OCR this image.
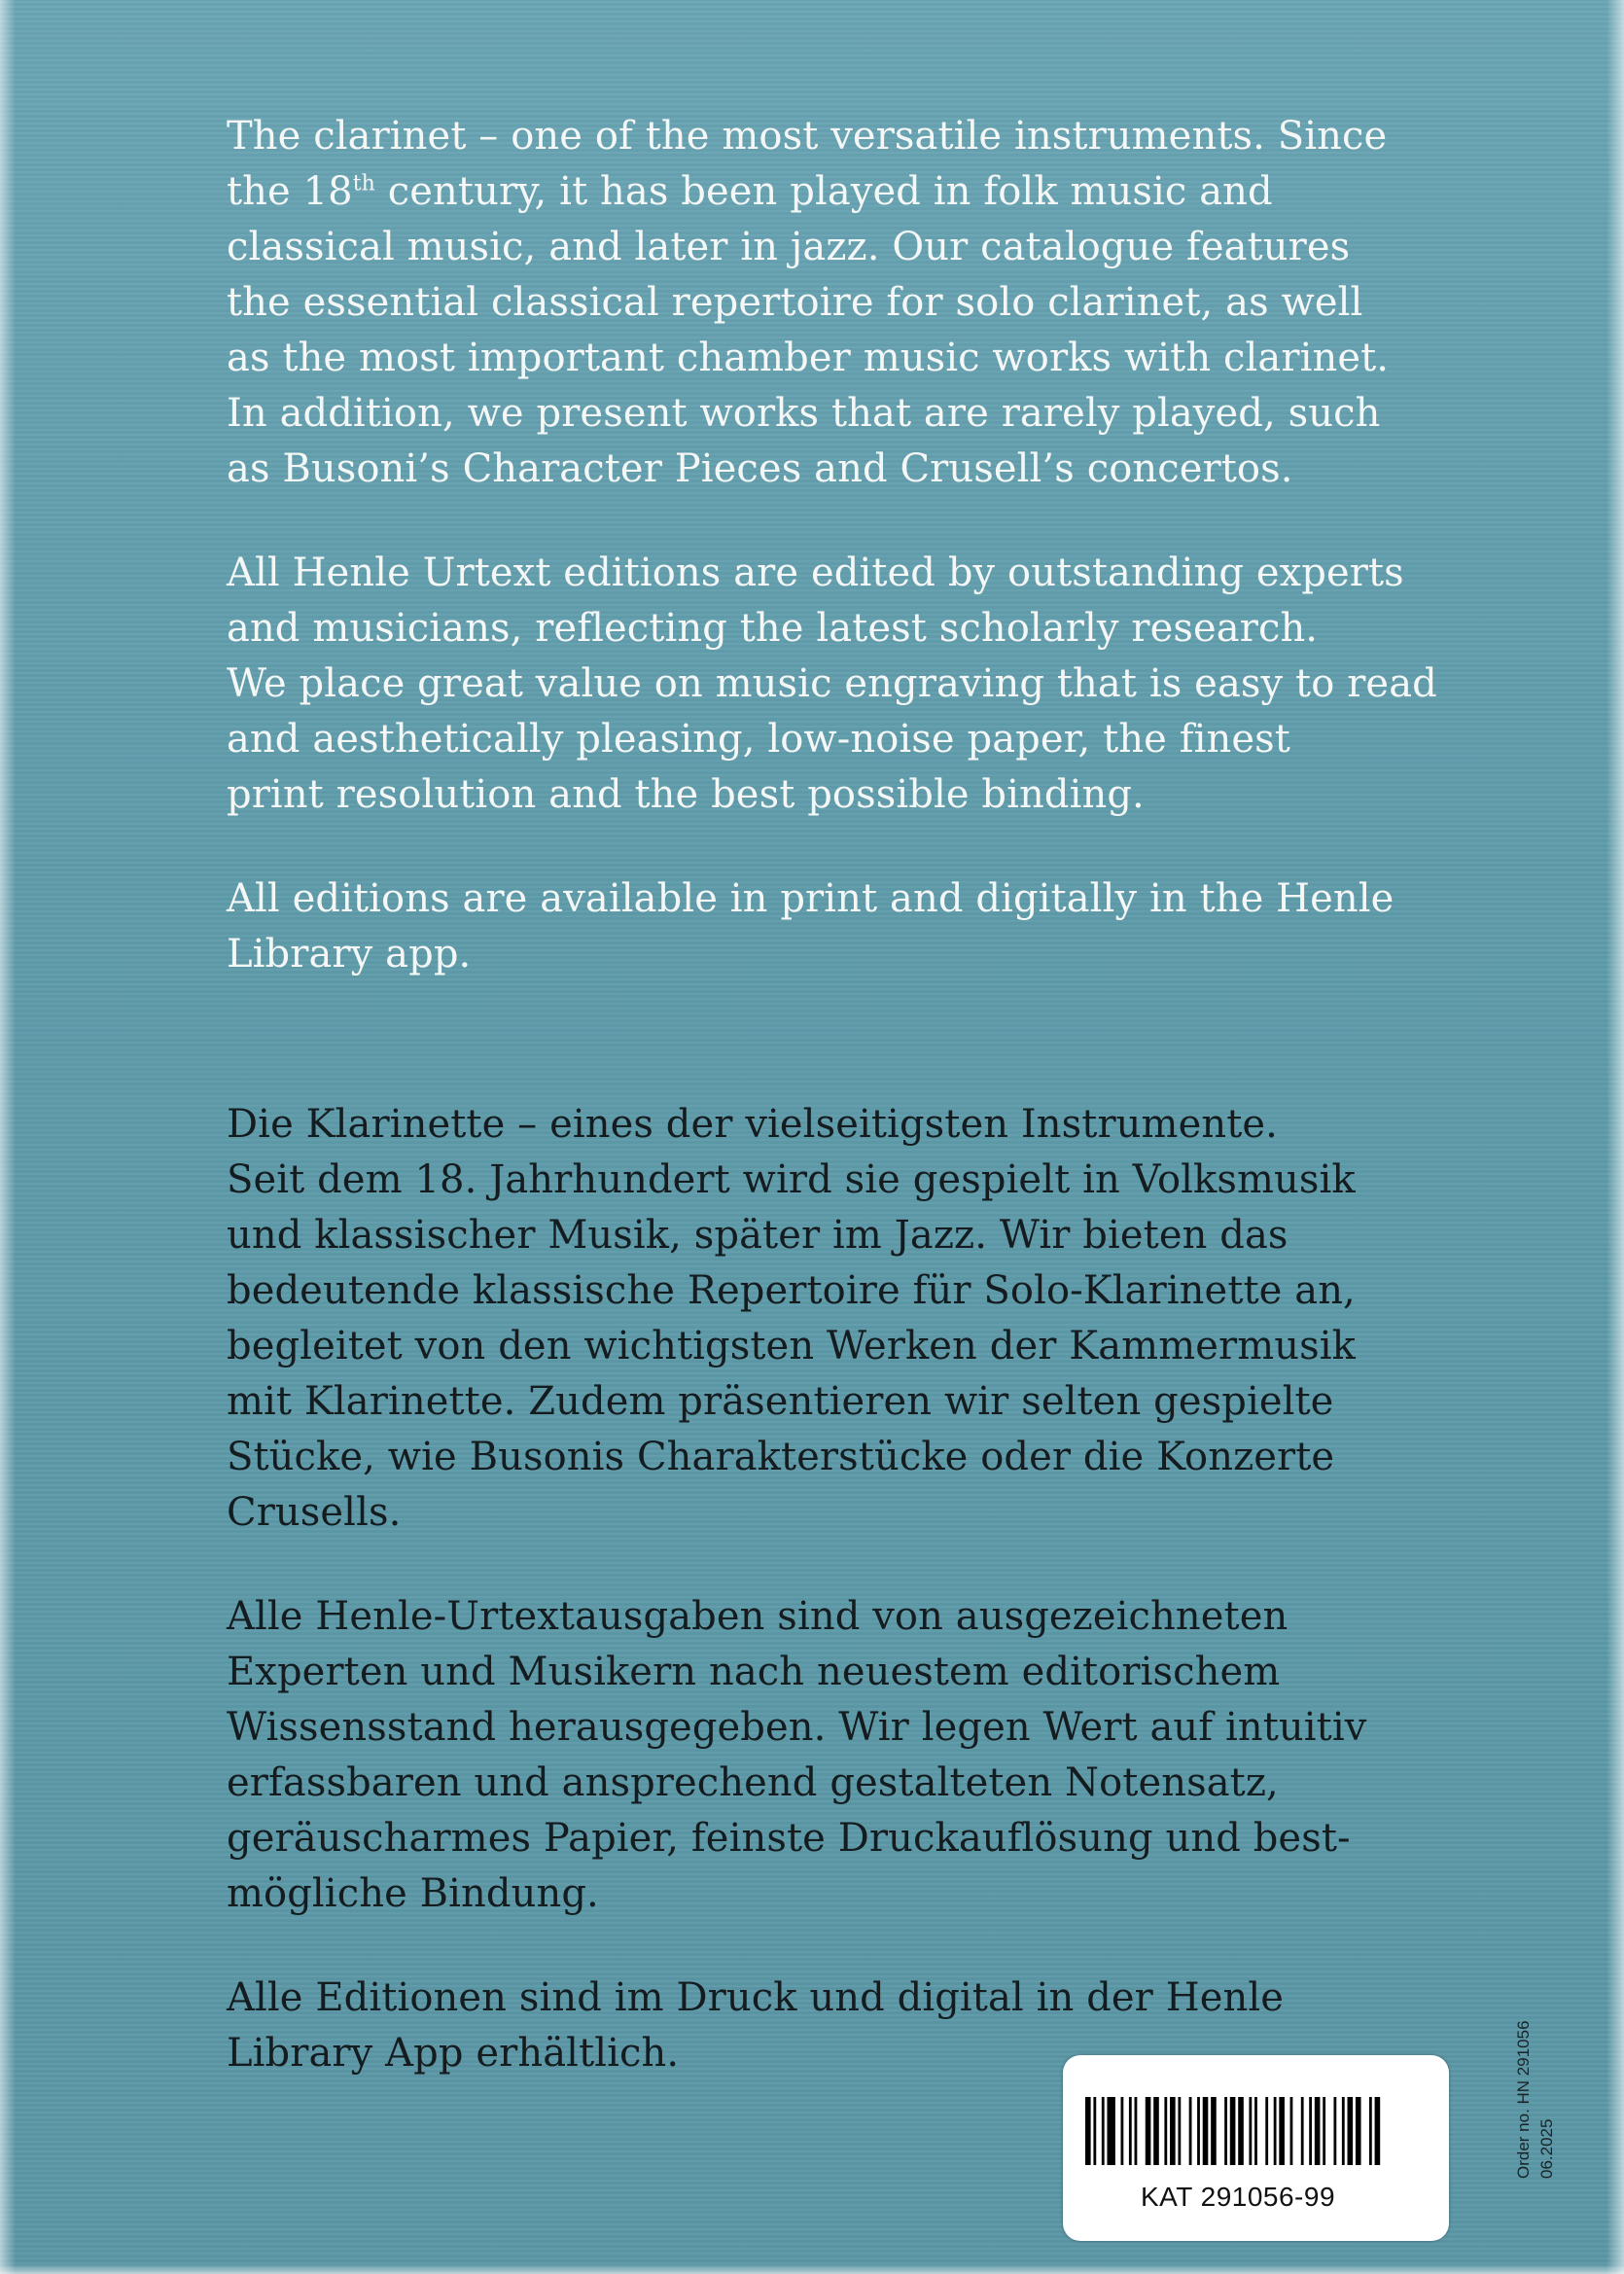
The clarinet – one of the most versatile instruments. Since
the 18th century, it has been played in folk music and
classical music, and later in jazz. Our catalogue features
the essential classical repertoire for solo clarinet, as well
as the most important chamber music works with clarinet.
In addition, we present works that are rarely played, such
as Busoni’s Character Pieces and Crusell’s concertos.

All Henle Urtext editions are edited by outstanding experts
and musicians, reflecting the latest scholarly research.
We place great value on music engraving that is easy to read
and aesthetically pleasing, low-noise paper, the finest
print resolution and the best possible binding.

All editions are available in print and digitally in the Henle
Library app.

Die Klarinette – eines der vielseitigsten Instrumente.
Seit dem 18. Jahrhundert wird sie gespielt in Volksmusik
und klassischer Musik, später im Jazz. Wir bieten das
bedeutende klassische Repertoire für Solo-Klarinette an,
begleitet von den wichtigsten Werken der Kammermusik
mit Klarinette. Zudem präsentieren wir selten gespielte
Stücke, wie Busonis Charakterstücke oder die Konzerte
Crusells.

Alle Henle-Urtextausgaben sind von ausgezeichneten
Experten und Musikern nach neuestem editorischem
Wissensstand herausgegeben. Wir legen Wert auf intuitiv
erfassbaren und ansprechend gestalteten Notensatz,
geräuscharmes Papier, feinste Druckauflösung und best-
mögliche Bindung.

Alle Editionen sind im Druck und digital in der Henle
Library App erhältlich.	Order no. HN 291056 06.2025
KAT 291056-99
